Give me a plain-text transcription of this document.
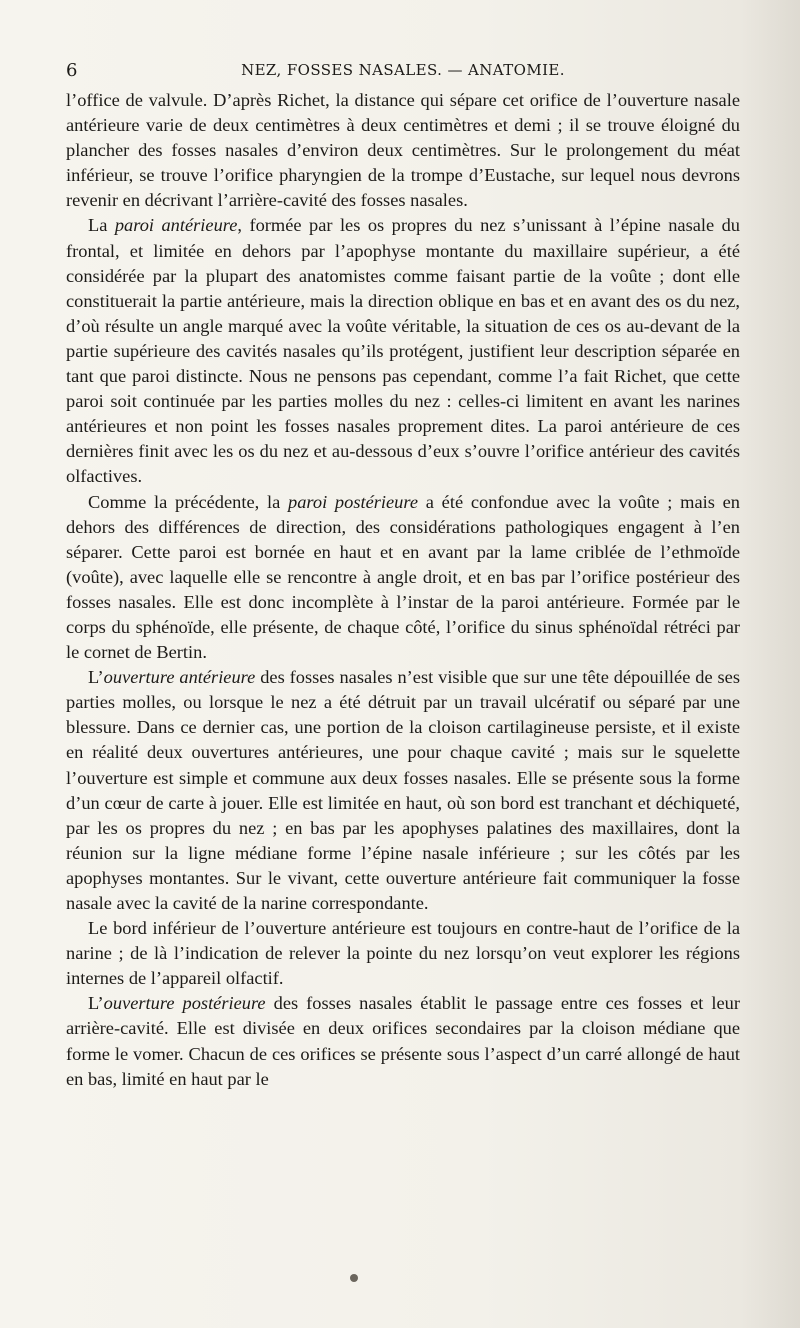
6	NEZ, FOSSES NASALES. — ANATOMIE.

l’office de valvule. D’après Richet, la distance qui sépare cet orifice de l’ouverture nasale antérieure varie de deux centimètres à deux centimètres et demi ; il se trouve éloigné du plancher des fosses nasales d’environ deux centimètres. Sur le prolongement du méat inférieur, se trouve l’orifice pharyngien de la trompe d’Eustache, sur lequel nous devrons revenir en décrivant l’arrière-cavité des fosses nasales.

La paroi antérieure, formée par les os propres du nez s’unissant à l’épine nasale du frontal, et limitée en dehors par l’apophyse montante du maxillaire supérieur, a été considérée par la plupart des anatomistes comme faisant partie de la voûte ; dont elle constituerait la partie antérieure, mais la direction oblique en bas et en avant des os du nez, d’où résulte un angle marqué avec la voûte véritable, la situation de ces os au-devant de la partie supérieure des cavités nasales qu’ils protégent, justifient leur description séparée en tant que paroi distincte. Nous ne pensons pas cependant, comme l’a fait Richet, que cette paroi soit continuée par les parties molles du nez : celles-ci limitent en avant les narines antérieures et non point les fosses nasales proprement dites. La paroi antérieure de ces dernières finit avec les os du nez et au-dessous d’eux s’ouvre l’orifice antérieur des cavités olfactives.

Comme la précédente, la paroi postérieure a été confondue avec la voûte ; mais en dehors des différences de direction, des considérations pathologiques engagent à l’en séparer. Cette paroi est bornée en haut et en avant par la lame criblée de l’ethmoïde (voûte), avec laquelle elle se rencontre à angle droit, et en bas par l’orifice postérieur des fosses nasales. Elle est donc incomplète à l’instar de la paroi antérieure. Formée par le corps du sphénoïde, elle présente, de chaque côté, l’orifice du sinus sphénoïdal rétréci par le cornet de Bertin.

L’ouverture antérieure des fosses nasales n’est visible que sur une tête dépouillée de ses parties molles, ou lorsque le nez a été détruit par un travail ulcératif ou séparé par une blessure. Dans ce dernier cas, une portion de la cloison cartilagineuse persiste, et il existe en réalité deux ouvertures antérieures, une pour chaque cavité ; mais sur le squelette l’ouverture est simple et commune aux deux fosses nasales. Elle se présente sous la forme d’un cœur de carte à jouer. Elle est limitée en haut, où son bord est tranchant et déchiqueté, par les os propres du nez ; en bas par les apophyses palatines des maxillaires, dont la réunion sur la ligne médiane forme l’épine nasale inférieure ; sur les côtés par les apophyses montantes. Sur le vivant, cette ouverture antérieure fait communiquer la fosse nasale avec la cavité de la narine correspondante.

Le bord inférieur de l’ouverture antérieure est toujours en contre-haut de l’orifice de la narine ; de là l’indication de relever la pointe du nez lorsqu’on veut explorer les régions internes de l’appareil olfactif.

L’ouverture postérieure des fosses nasales établit le passage entre ces fosses et leur arrière-cavité. Elle est divisée en deux orifices secondaires par la cloison médiane que forme le vomer. Chacun de ces orifices se présente sous l’aspect d’un carré allongé de haut en bas, limité en haut par le
